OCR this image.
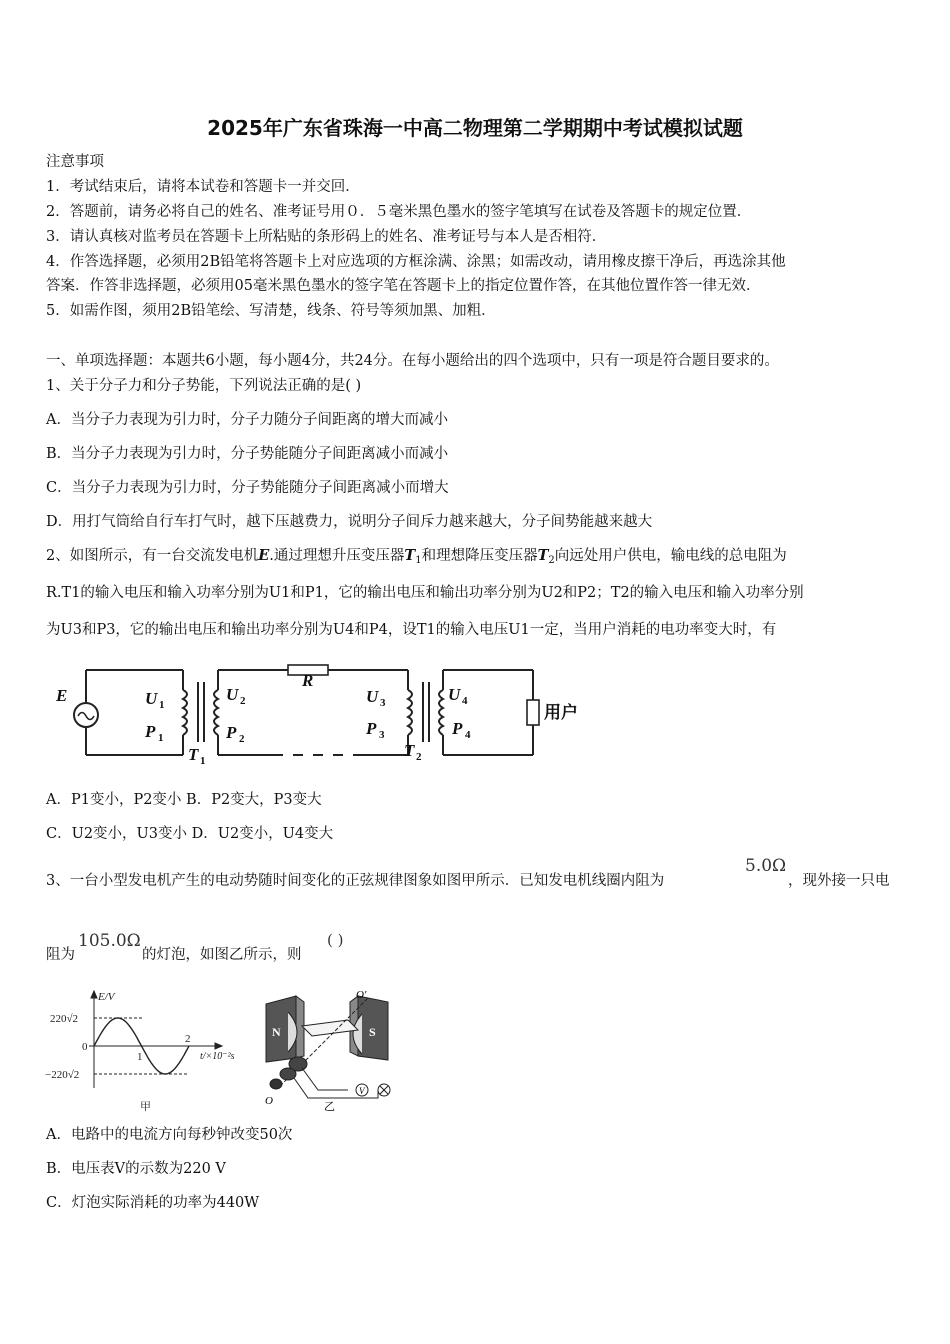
2025年广东省珠海一中高二物理第二学期期中考试模拟试题
注意事项
1．考试结束后，请将本试卷和答题卡一并交回．
2．答题前，请务必将自己的姓名、准考证号用０．５毫米黑色墨水的签字笔填写在试卷及答题卡的规定位置．
3．请认真核对监考员在答题卡上所粘贴的条形码上的姓名、准考证号与本人是否相符．
4．作答选择题，必须用2B铅笔将答题卡上对应选项的方框涂满、涂黑；如需改动，请用橡皮擦干净后，再选涂其他
答案．作答非选择题，必须用05毫米黑色墨水的签字笔在答题卡上的指定位置作答，在其他位置作答一律无效．
5．如需作图，须用2B铅笔绘、写清楚，线条、符号等须加黑、加粗．
一、单项选择题：本题共6小题，每小题4分，共24分。在每小题给出的四个选项中，只有一项是符合题目要求的。
1、关于分子力和分子势能，下列说法正确的是( )
A．当分子力表现为引力时，分子力随分子间距离的增大而减小
B．当分子力表现为引力时，分子势能随分子间距离减小而减小
C．当分子力表现为引力时，分子势能随分子间距离减小而增大
D．用打气筒给自行车打气时，越下压越费力，说明分子间斥力越来越大，分子间势能越来越大
2、如图所示，有一台交流发电机E.通过理想升压变压器$T_1$和理想降压变压器$T_2$向远处用户供电，输电线的总电阻为
R.T1的输入电压和输入功率分别为U1和P1，它的输出电压和输出功率分别为U2和P2；T2的输入电压和输入功率分别
为U3和P3，它的输出电压和输出功率分别为U4和P4，设T1的输入电压U1一定，当用户消耗的电功率变大时，有
E	U
P
U
P
R
U
P
U
P
T	T
1
1
2
2
3
3
4
4
1	2
用户
A．P1变小，P2变小 B．P2变大，P3变大
C．U2变小，U3变小 D．U2变小，U4变大
3、一台小型发电机产生的电动势随时间变化的正弦规律图象如图甲所示．已知发电机线圈内阻为
5.0Ω
，现外接一只电
阻为
105.0Ω
的灯泡，如图乙所示，则
( )
E/V
220√2
0
−220√2
1
2
t/×10⁻²s
甲
N	S
V
O
O′
乙
A．电路中的电流方向每秒钟改变50次
B．电压表V的示数为220 V
C．灯泡实际消耗的功率为440W
